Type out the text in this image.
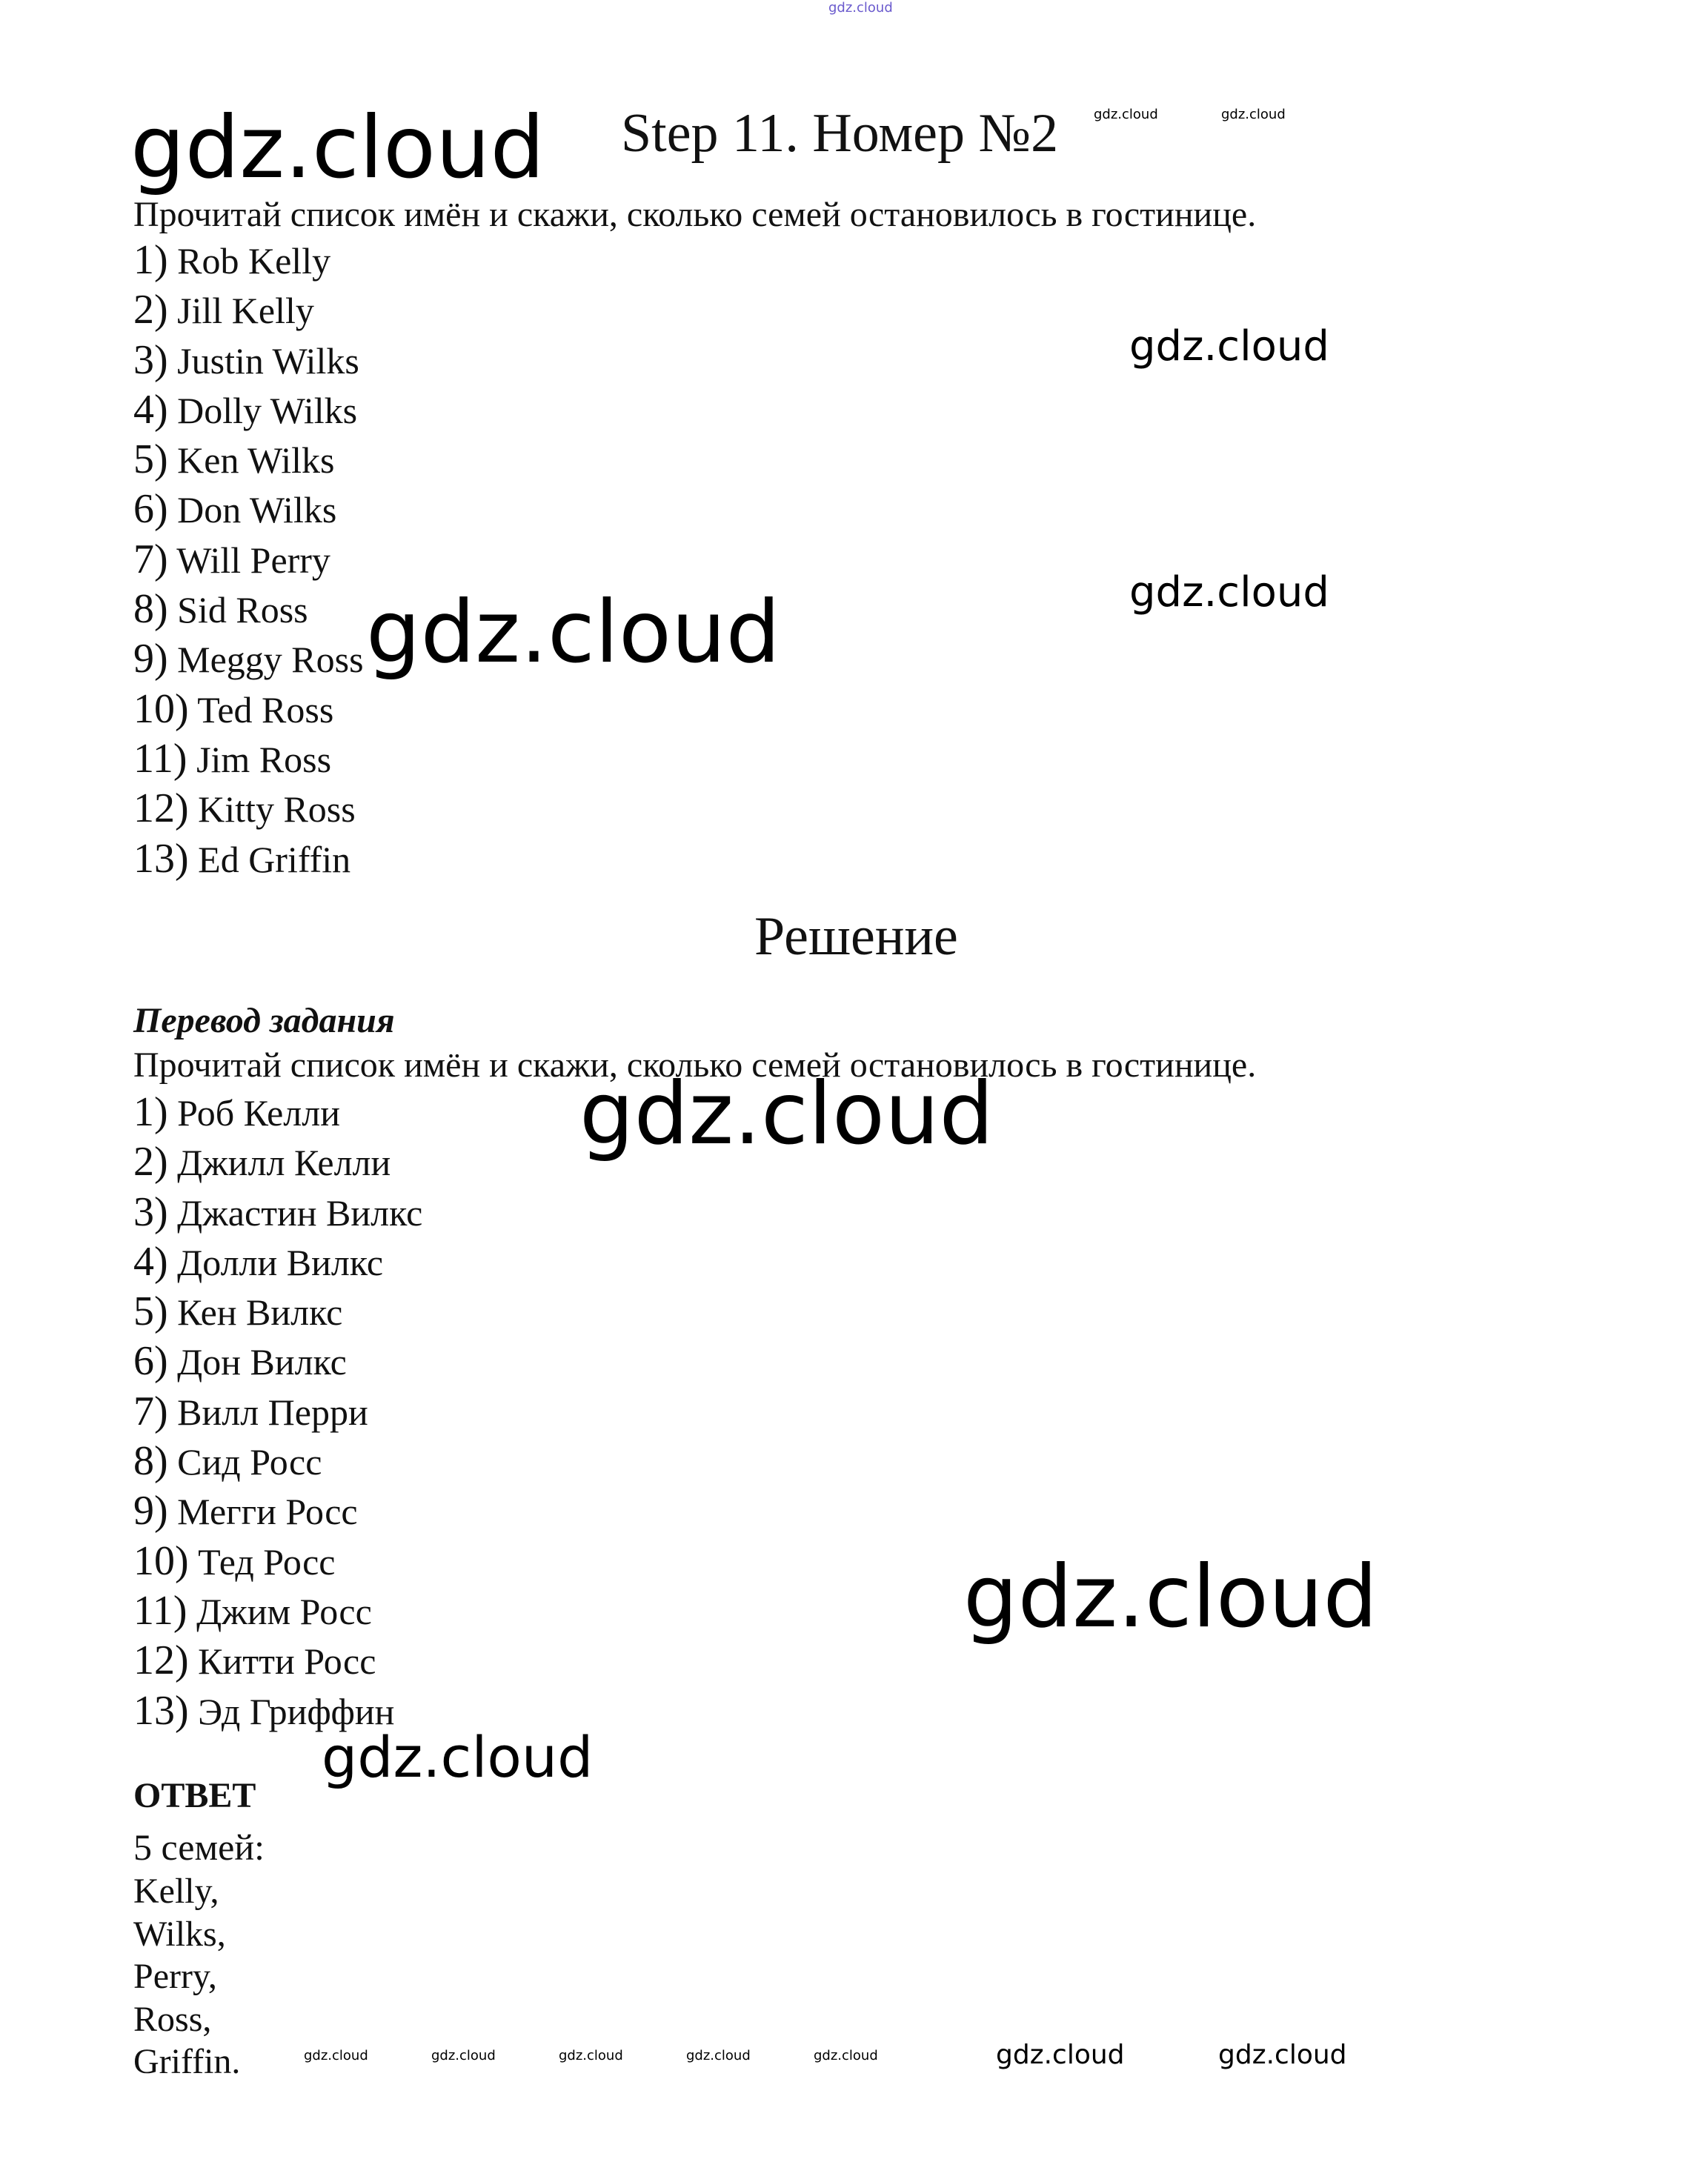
gdz.cloud
gdz.cloud	gdz.cloud	gdz.cloud
gdz.cloud
gdz.cloud
gdz.cloud
gdz.cloud
gdz.cloud
gdz.cloud
gdz.cloud	gdz.cloud	gdz.cloud	gdz.cloud	gdz.cloud	gdz.cloud	gdz.cloud
Step 11. Номер №2
Прочитай список имён и скажи, сколько семей остановилось в гостинице.
1) Rob Kelly
2) Jill Kelly
3) Justin Wilks
4) Dolly Wilks
5) Ken Wilks
6) Don Wilks
7) Will Perry
8) Sid Ross
9) Meggy Ross
10) Ted Ross
11) Jim Ross
12) Kitty Ross
13) Ed Griffin
Решение
Перевод задания
Прочитай список имён и скажи, сколько семей остановилось в гостинице.
1) Роб Келли
2) Джилл Келли
3) Джастин Вилкс
4) Долли Вилкс
5) Кен Вилкс
6) Дон Вилкс
7) Вилл Перри
8) Сид Росс
9) Мегги Росс
10) Тед Росс
11) Джим Росс
12) Китти Росс
13) Эд Гриффин
ОТВЕТ
5 семей:
Kelly,
Wilks,
Perry,
Ross,
Griffin.
